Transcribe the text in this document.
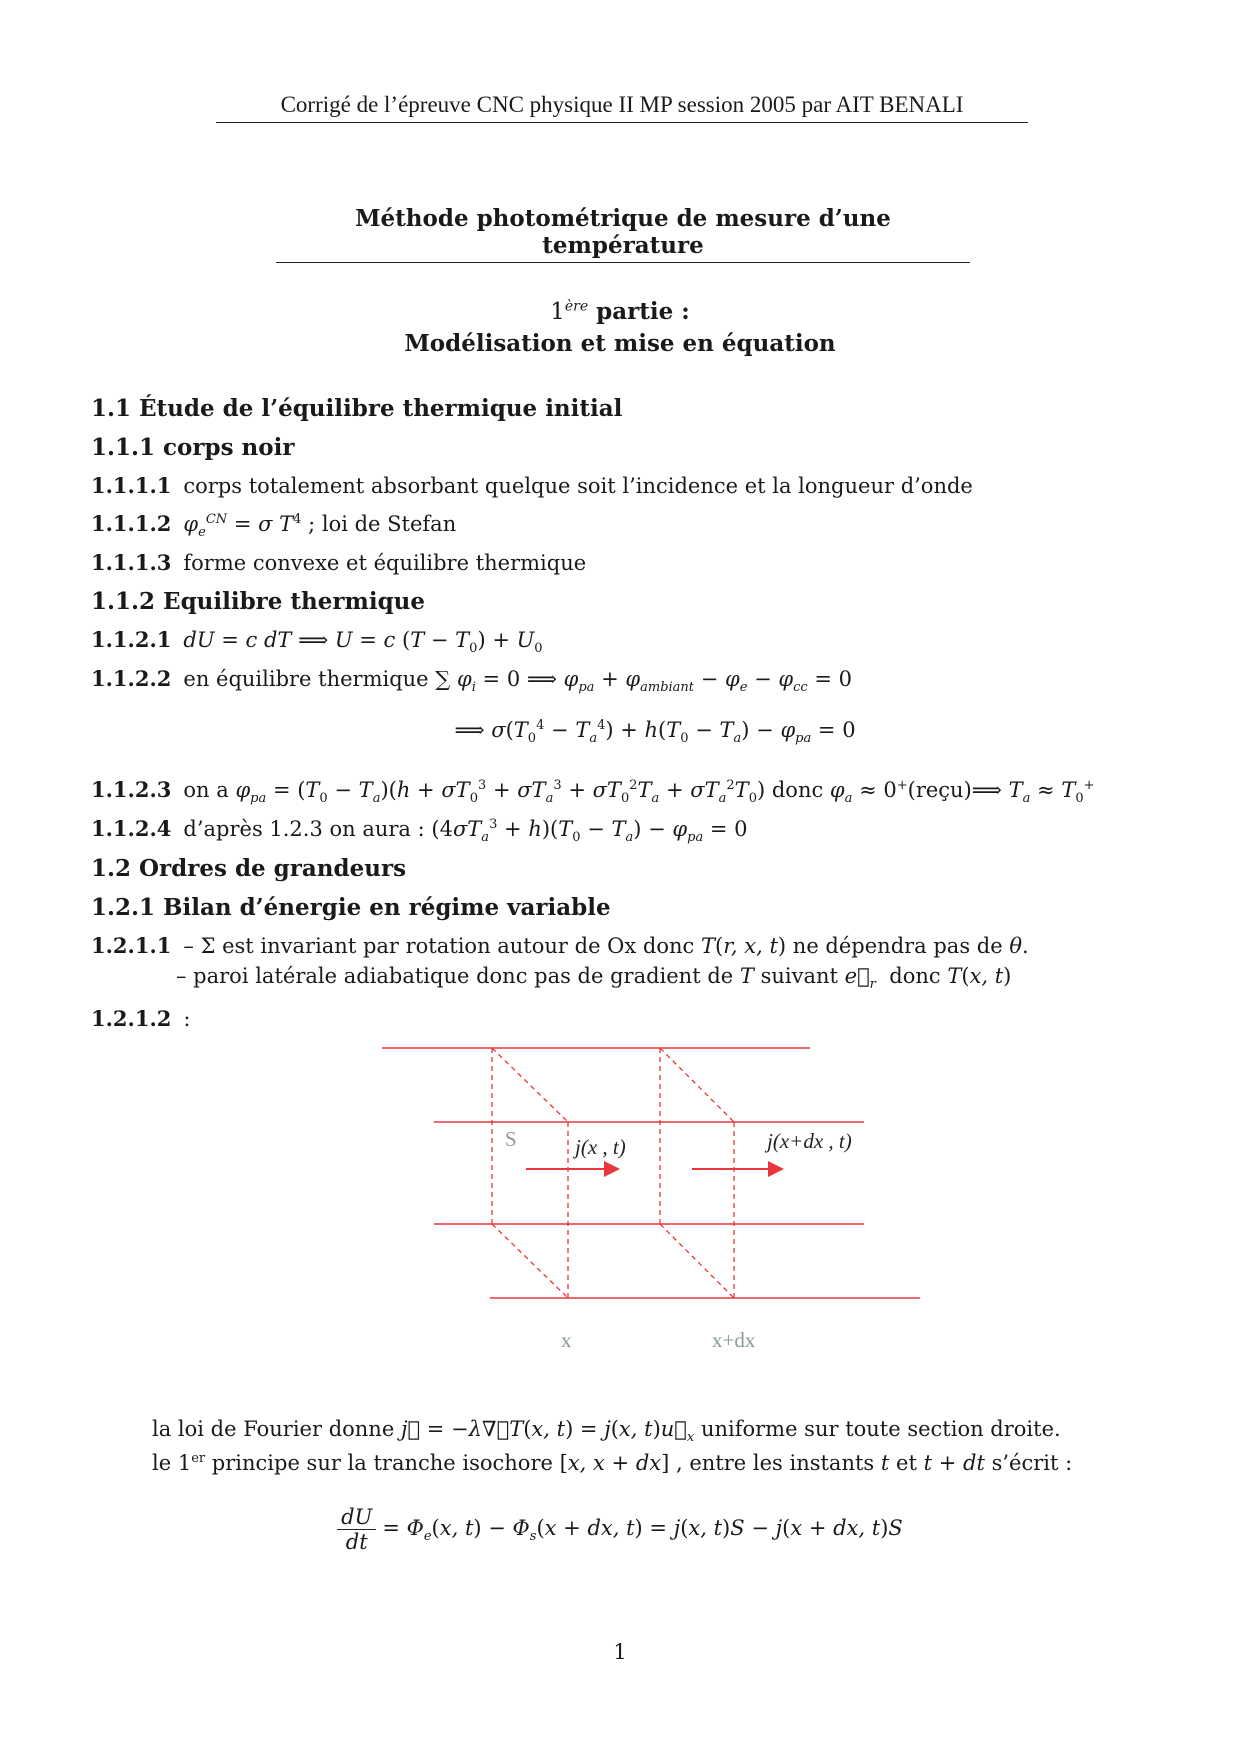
Corrigé de l’épreuve CNC physique II MP session 2005 par AIT BENALI
Méthode photométrique de mesure d’une température
1ère partie :
Modélisation et mise en équation
1.1 Étude de l’équilibre thermique initial
1.1.1 corps noir
1.1.1.1 corps totalement absorbant quelque soit l’incidence et la longueur d’onde
1.1.1.2 $\varphi_e^{CN} = \sigma$ $T^4$ ; loi de Stefan
1.1.1.3 forme convexe et équilibre thermique
1.1.2 Equilibre thermique
1.1.2.1 dU = c dT ⟹ U = c $(T - T_0) + U_0$
1.1.2.2 en équilibre thermique ∑ $\varphi_i = 0$ ⟹ $\varphi_{pa} + \varphi_{ambiant} - \varphi_e - \varphi_{cc} = 0$
⟹ $\sigma(T_0^4 - T_a^4) + h(T_0 - T_a) - \varphi_{pa} = 0$
1.1.2.3 on a $\varphi_{pa} = (T_0 - T_a)(h + \sigma T_0^3 + \sigma T_a^3 + \sigma T_0^2T_a + \sigma T_a^2T_0)$ donc $\varphi_a$ ≈ 0+(reçu)⟹ $T_a \approx T_0^+$
1.1.2.4 d’après 1.2.3 on aura : $(4\sigma T_a^3 + h)(T_0 - T_a) - \varphi_{pa} = 0$
1.2 Ordres de grandeurs
1.2.1 Bilan d’énergie en régime variable
1.2.1.1 – Σ est invariant par rotation autour de Ox donc T(r, x, t) ne dépendra pas de θ.
– paroi latérale adiabatique donc pas de gradient de T suivant $e⃗_r$ donc T(x, t)
1.2.1.2 :
S	j(x , t)	j(x+dx , t)
x	x+dx
la loi de Fourier donne j⃗ = −λ∇⃗T(x, t) = j(x, $t)u⃗_x$ uniforme sur toute section droite.
le 1er principe sur la tranche isochore [x, x + dx] , entre les instants t et t + dt s’écrit :
$\frac{dU}{dt} = \Phi_e(x$, $t) - \Phi_s(x$ + dx, t) = j(x, t)S − j(x + dx, t)S
1
